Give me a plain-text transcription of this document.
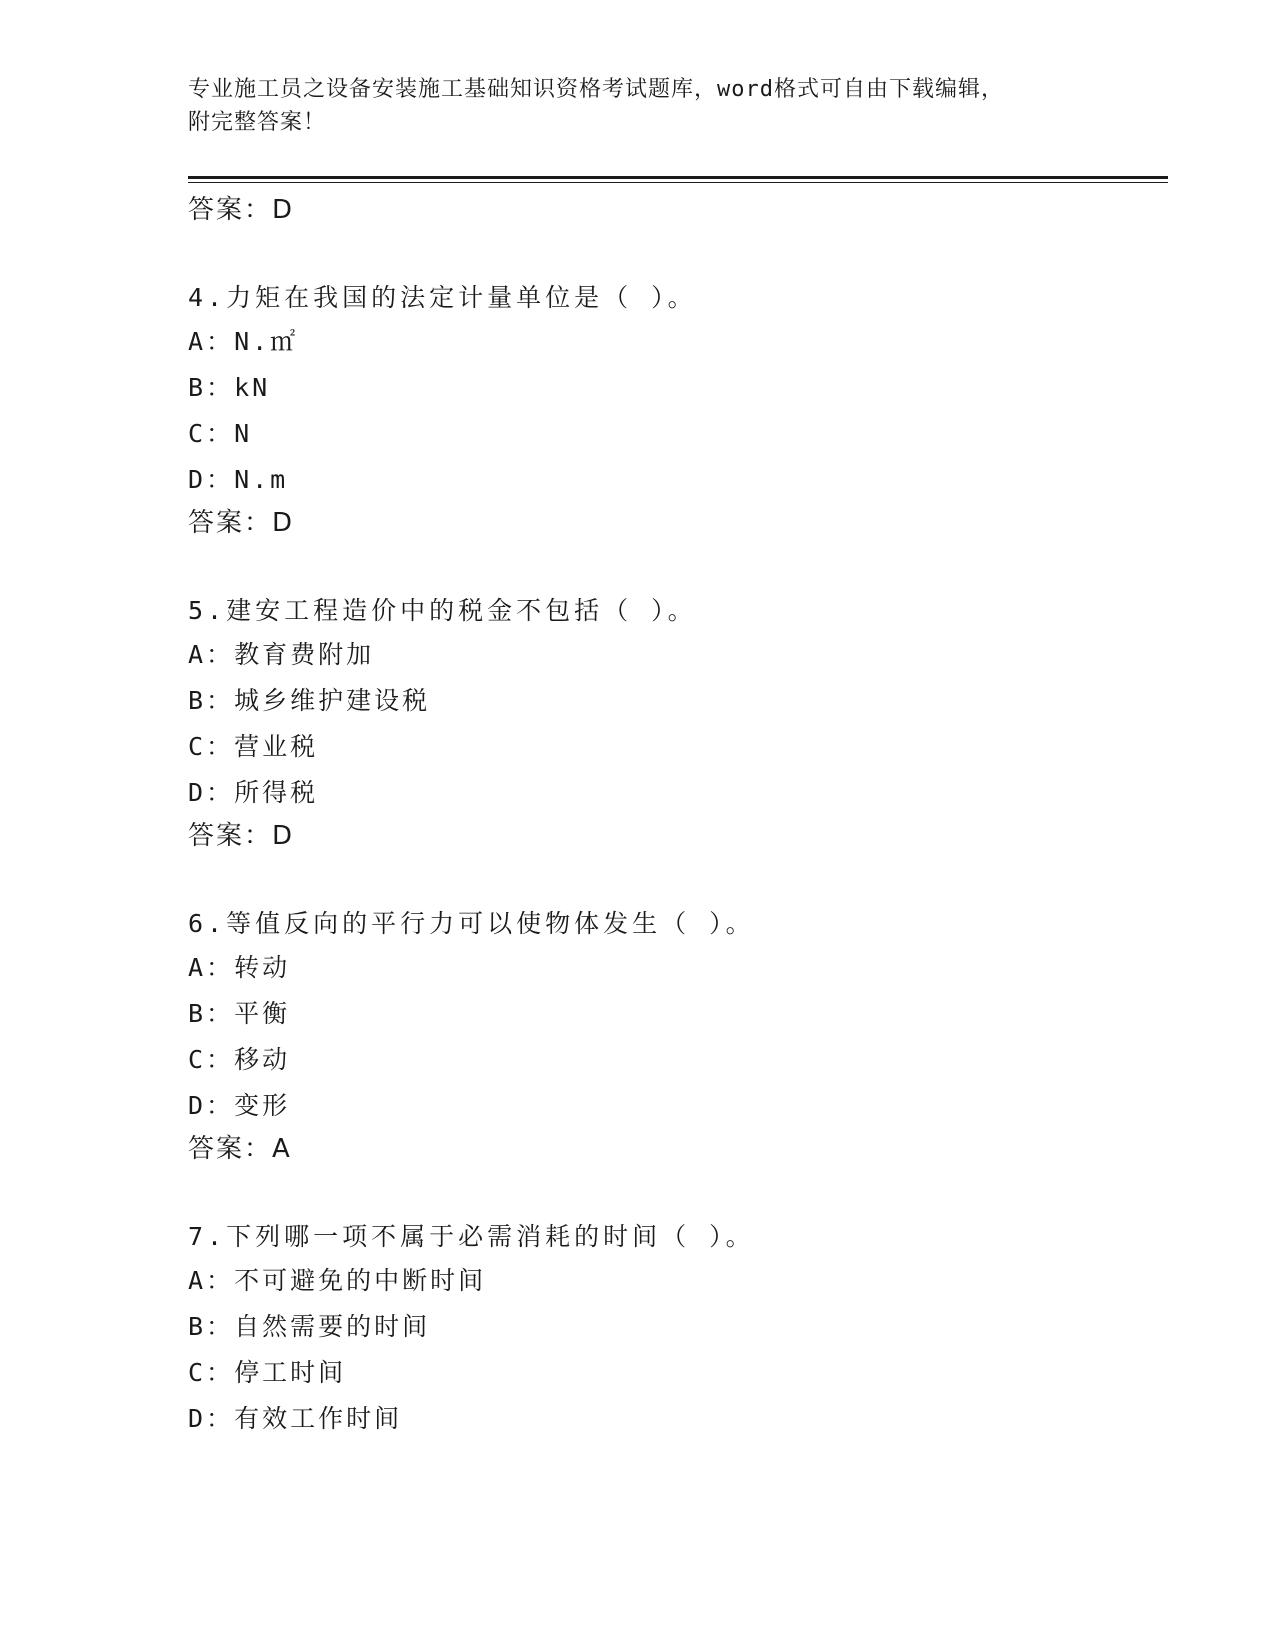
专业施工员之设备安装施工基础知识资格考试题库，word格式可自由下载编辑，
附完整答案！
答案：D
4.力矩在我国的法定计量单位是（ ）。
A：N.㎡
B：kN
C：N
D：N.m
答案：D
5.建安工程造价中的税金不包括（ ）。
A：教育费附加
B：城乡维护建设税
C：营业税
D：所得税
答案：D
6.等值反向的平行力可以使物体发生（ ）。
A：转动
B：平衡
C：移动
D：变形
答案：A
7.下列哪一项不属于必需消耗的时间（ ）。
A：不可避免的中断时间
B：自然需要的时间
C：停工时间
D：有效工作时间
